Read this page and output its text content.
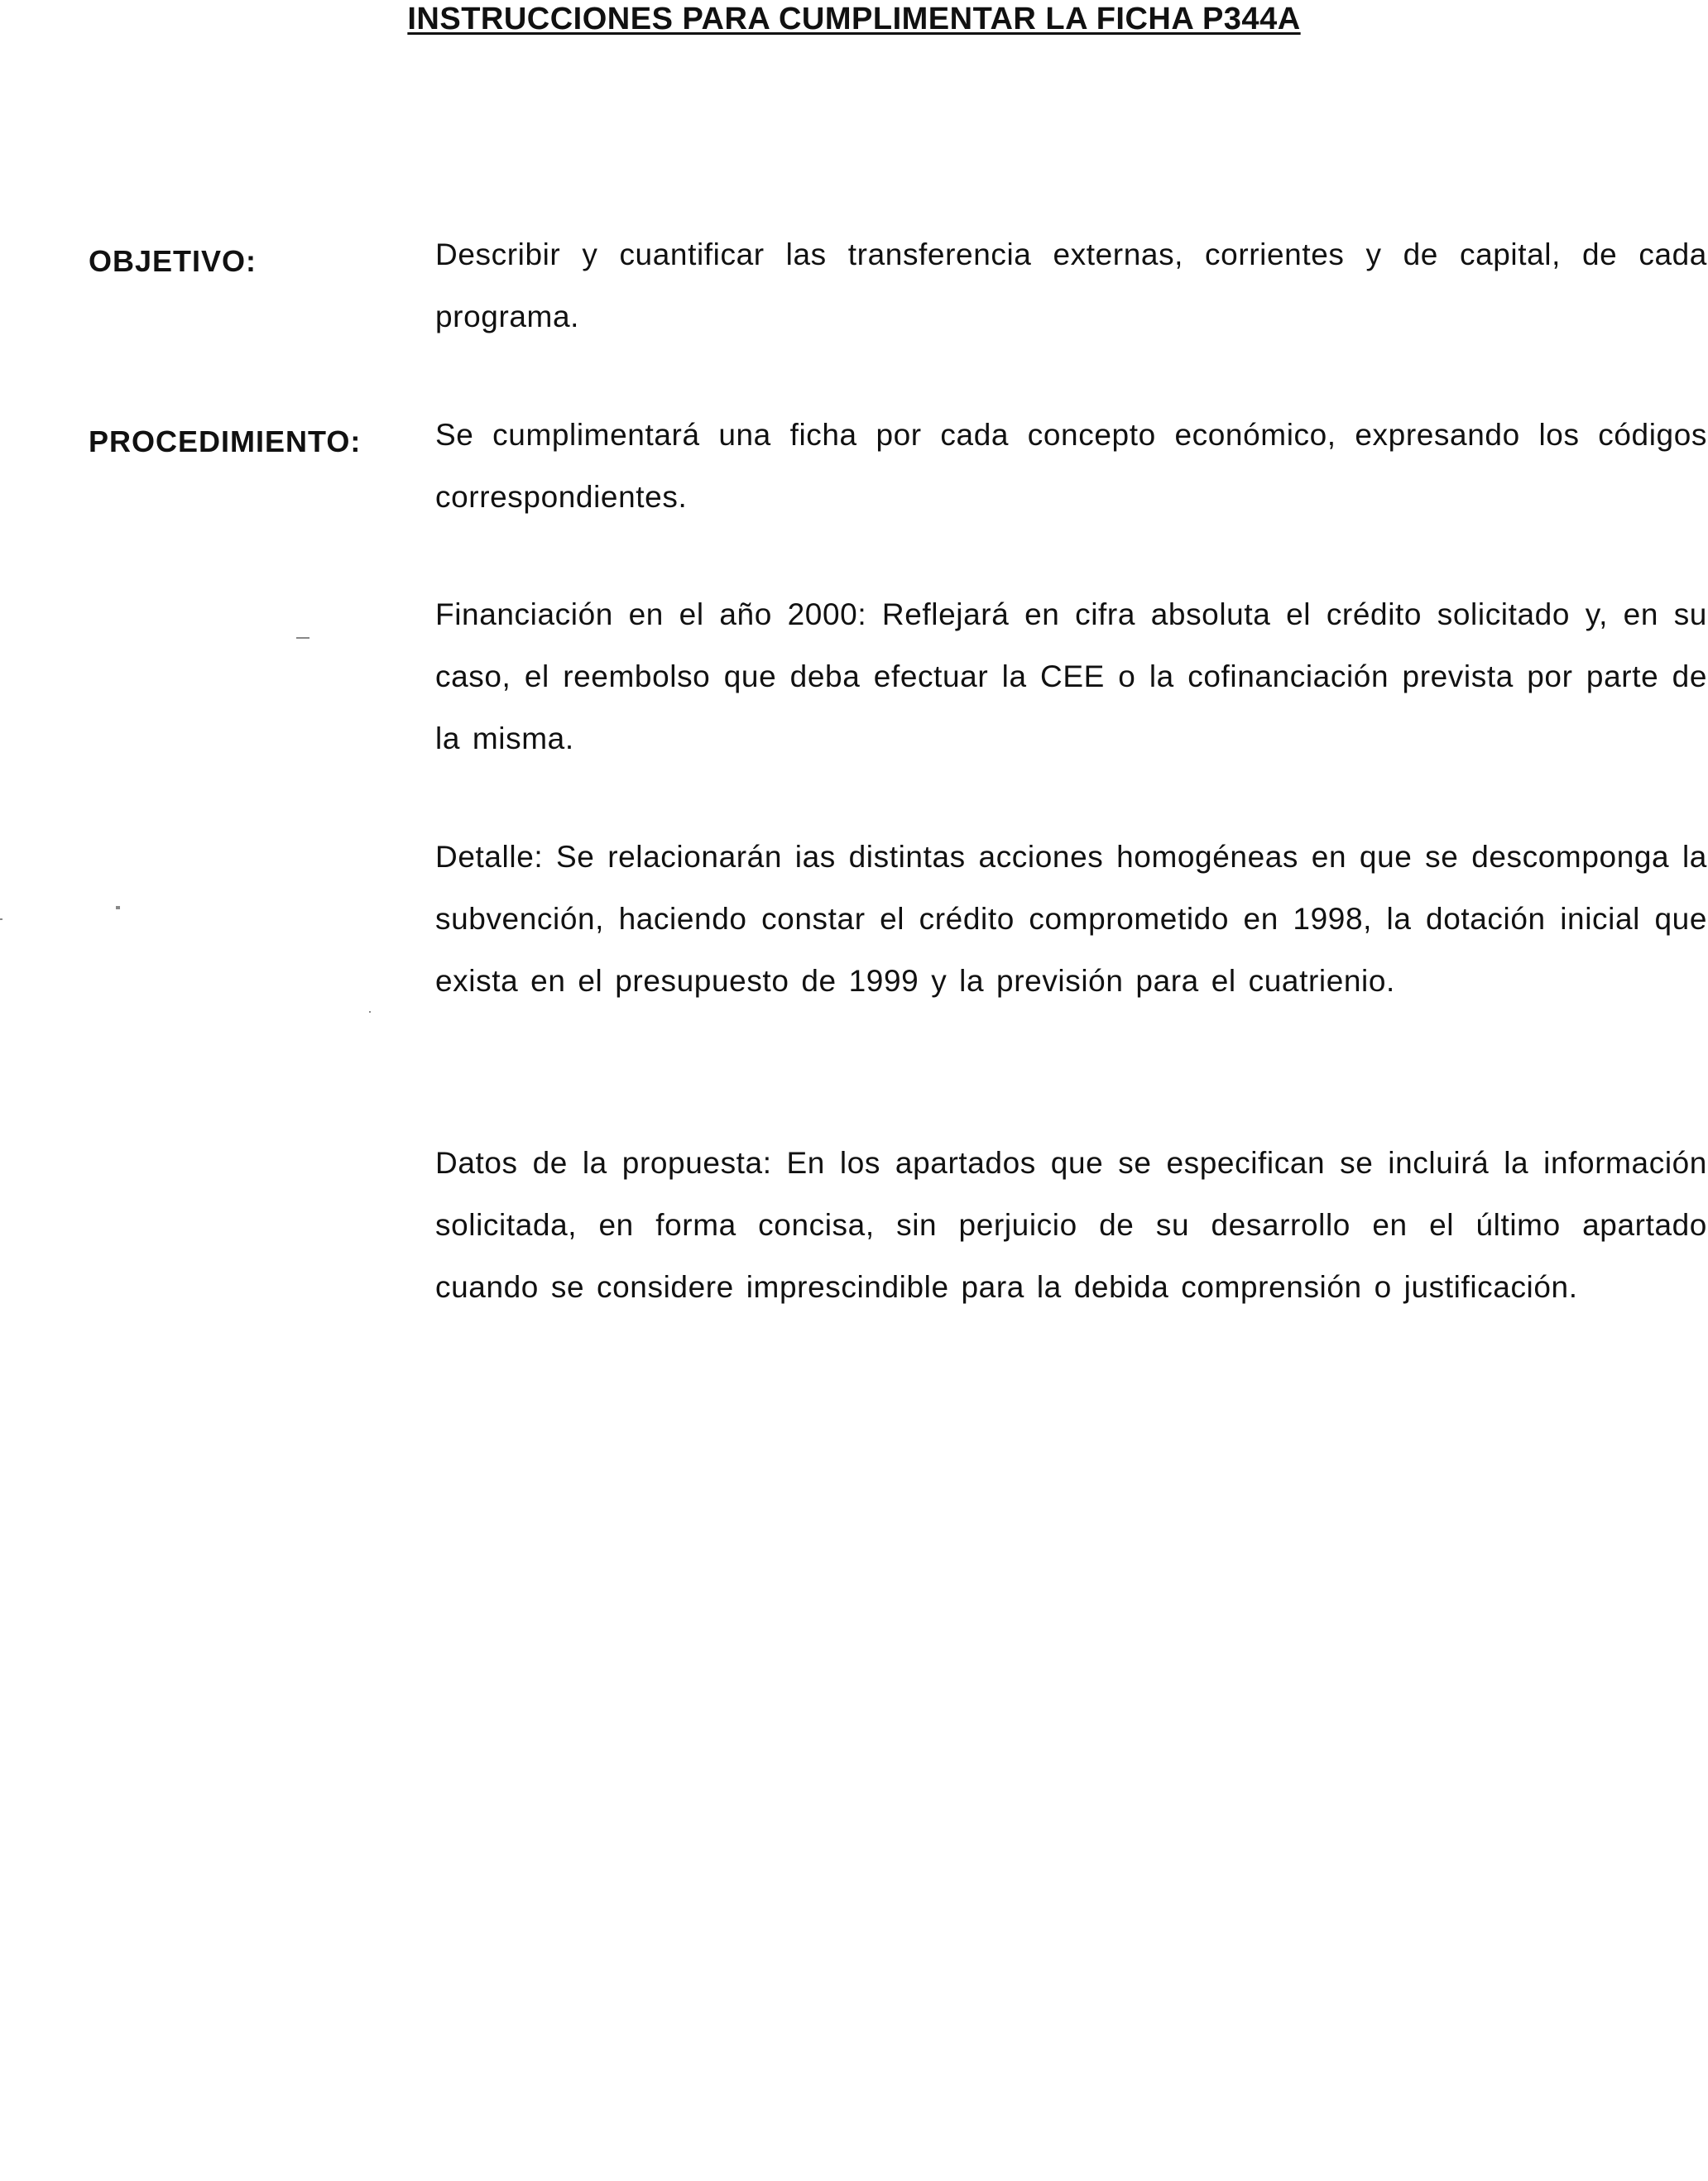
INSTRUCCIONES PARA CUMPLIMENTAR LA FICHA P344A
OBJETIVO:	Describir y cuantificar las transferencia externas, corrientes y de capital, de cada programa.
PROCEDIMIENTO: Se cumplimentará una ficha por cada concepto económico, expresando los códigos correspondientes.
Financiación en el año 2000: Reflejará en cifra absoluta el crédito solicitado y, en su caso, el reembolso que deba efectuar la CEE o la cofinanciación prevista por parte de la misma.
Detalle: Se relacionarán ias distintas acciones homogéneas en que se descomponga la subvención, haciendo constar el crédito comprometido en 1998, la dotación inicial que exista en el presupuesto de 1999 y la previsión para el cuatrienio.
Datos de la propuesta: En los apartados que se especifican se incluirá la información solicitada, en forma concisa, sin perjuicio de su desarrollo en el último apartado cuando se considere imprescindible para la debida comprensión o justificación.
